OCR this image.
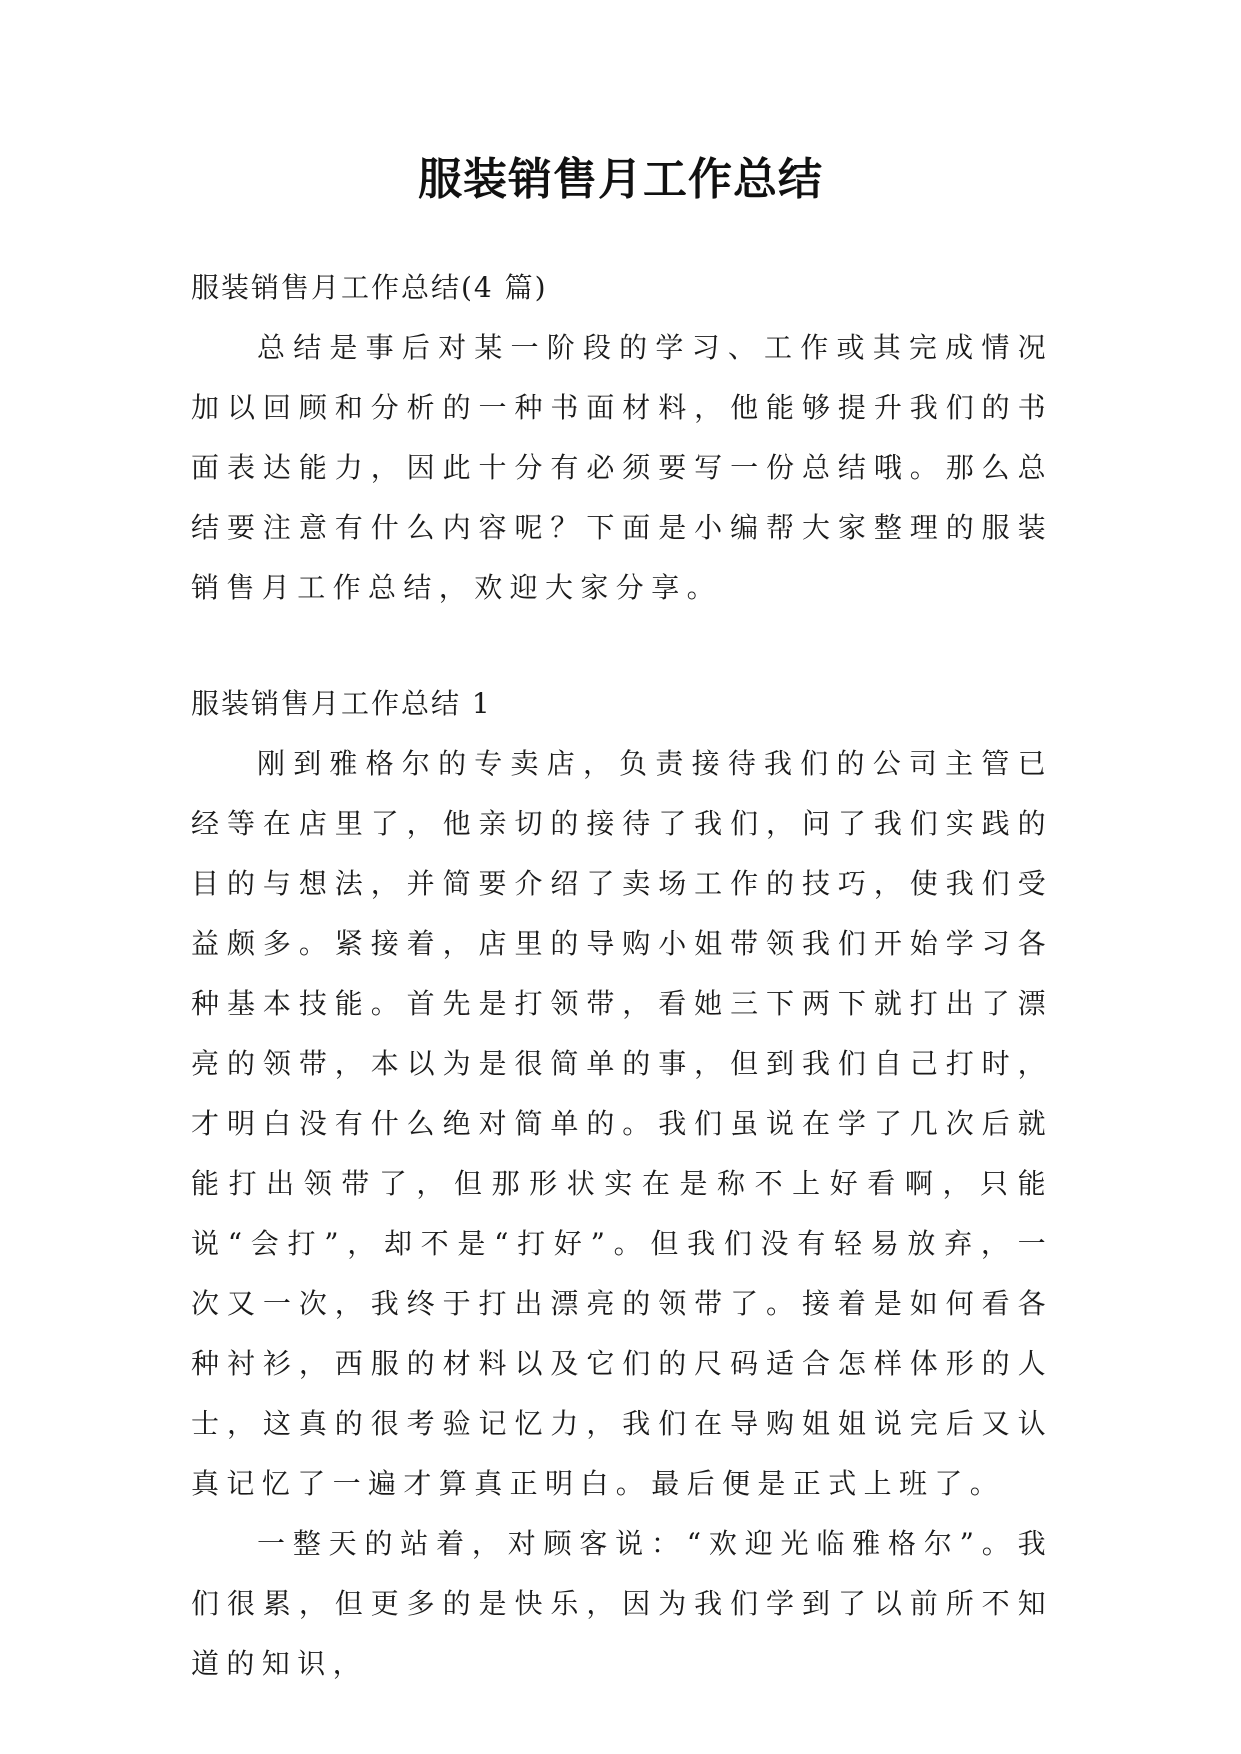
服装销售月工作总结
服装销售月工作总结(4 篇)

总结是事后对某一阶段的学习、工作或其完成情况加以回顾和分析的一种书面材料，他能够提升我们的书面表达能力，因此十分有必须要写一份总结哦。那么总结要注意有什么内容呢？下面是小编帮大家整理的服装销售月工作总结，欢迎大家分享。

服装销售月工作总结 1

刚到雅格尔的专卖店，负责接待我们的公司主管已经等在店里了，他亲切的接待了我们，问了我们实践的目的与想法，并简要介绍了卖场工作的技巧，使我们受益颇多。紧接着，店里的导购小姐带领我们开始学习各种基本技能。首先是打领带，看她三下两下就打出了漂亮的领带，本以为是很简单的事，但到我们自己打时，才明白没有什么绝对简单的。我们虽说在学了几次后就能打出领带了，但那形状实在是称不上好看啊，只能说“会打”，却不是“打好”。但我们没有轻易放弃，一次又一次，我终于打出漂亮的领带了。接着是如何看各种衬衫，西服的材料以及它们的尺码适合怎样体形的人士，这真的很考验记忆力，我们在导购姐姐说完后又认真记忆了一遍才算真正明白。最后便是正式上班了。

一整天的站着，对顾客说：“欢迎光临雅格尔”。我们很累，但更多的是快乐，因为我们学到了以前所不知道的知识，
